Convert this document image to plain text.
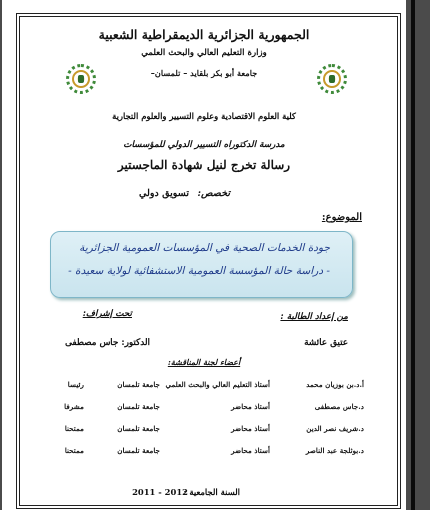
الجمهورية الجزائرية الديمقراطية الشعبية
وزارة التعليم العالي والبحث العلمي
جامعة أبو بكر بلقايد – تلمسان–
كلية العلوم الاقتصادية وعلوم التسيير والعلوم التجارية
مدرسة الدكتوراه التسيير الدولي للمؤسسات
رسالة تخرج لنيل شهادة الماجستير
تخصص:
تسويق دولي
الموضوع:
جودة الخدمات الصحية في المؤسسات العمومية الجزائرية
- دراسة حالة المؤسسة العمومية الاستشفائية لولاية سعيدة -
من إعداد الطالبة :
تحت إشراف:
عتيق عائشة
الدكتور: جاس مصطفى
أعضاء لجنة المناقشة:
أ.د.بن بوزيان محمد
أستاذ التعليم العالي والبحث العلمي
جامعة تلمسان
رئيسا
د.جاس مصطفى
أستاذ محاضر
جامعة تلمسان
مشرفا
د.شريف نصر الدين
أستاذ محاضر
جامعة تلمسان
ممتحنا
د.بوثلجة عبد الناصر
أستاذ محاضر
جامعة تلمسان
ممتحنا
السنة الجامعية :
2011 - 2012
